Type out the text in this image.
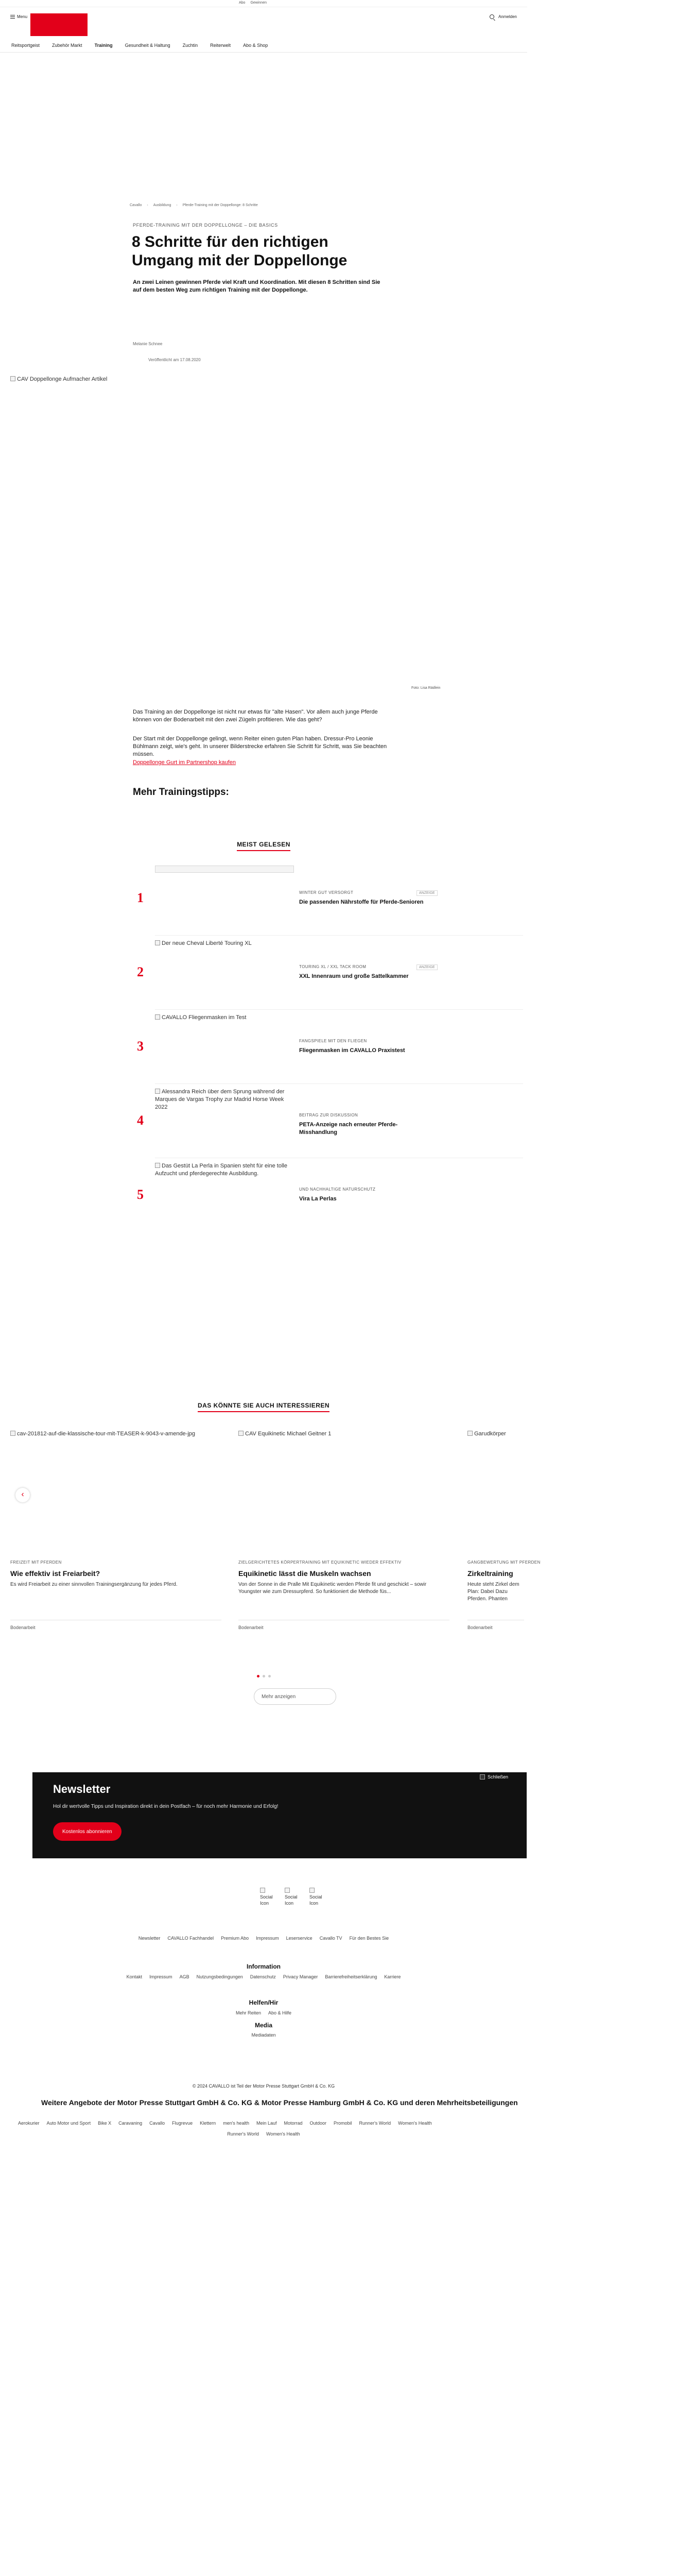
Abo Gewinnen
Menu	Anmelden
Reitsportgeist	Zubehör Markt	Training	Gesundheit & Haltung	Zuchtin	Reiterwelt	Abo & Shop
Cavallo › Ausbildung › Pferde-Training mit der Doppellonge: 8 Schritte
PFERDE-TRAINING MIT DER DOPPELLONGE – DIE BASICS
8 Schritte für den richtigen Umgang mit der Doppellonge

An zwei Leinen gewinnen Pferde viel Kraft und Koordination. Mit diesen 8 Schritten sind Sie auf dem besten Weg zum richtigen Training mit der Doppellonge.

Melanie Schnee
Veröffentlicht am 17.08.2020
CAV Doppellonge Aufmacher Artikel
Foto: Lisa Rädlein

Das Training an der Doppellonge ist nicht nur etwas für "alte Hasen". Vor allem auch junge Pferde können von der Bodenarbeit mit den zwei Zügeln profitieren. Wie das geht?

Der Start mit der Doppellonge gelingt, wenn Reiter einen guten Plan haben. Dressur-Pro Leonie Bühlmann zeigt, wie's geht. In unserer Bilderstrecke erfahren Sie Schritt für Schritt, was Sie beachten müssen.

Doppellonge Gurt im Partnershop kaufen
Mehr Trainingstipps:
MEIST GELESEN
1	WINTER GUT VERSORGT
Die passenden Nährstoffe für Pferde-Senioren
ANZEIGE
2
Der neue Cheval Liberté Touring XL
TOURING XL / XXL TACK ROOM
XXL Innenraum und große Sattelkammer
ANZEIGE
3
CAVALLO Fliegenmasken im Test
FANGSPIELE MIT DEN FLIEGEN
Fliegenmasken im CAVALLO Praxistest
4
Alessandra Reich über dem Sprung während der Marques de Vargas Trophy zur Madrid Horse Week 2022
BEITRAG ZUR DISKUSSION
PETA-Anzeige nach erneuter Pferde-Misshandlung
5
Das Gestüt La Perla in Spanien steht für eine tolle Aufzucht und pferdegerechte Ausbildung.
UND NACHHALTIGE NATURSCHUTZ
Vira La Perlas
DAS KÖNNTE SIE AUCH INTERESSIEREN
cav-201812-auf-die-klassische-tour-mit-TEASER-k-9043-v-amende-jpg
FREIZEIT MIT PFERDEN
Wie effektiv ist Freiarbeit?
Es wird Freiarbeit zu einer sinnvollen Trainingsergänzung für jedes Pferd.
Bodenarbeit
CAV Equikinetic Michael Geitner 1
ZIELGERICHTETES KÖRPERTRAINING MIT EQUIKINETIC WIEDER EFFEKTIV
Equikinetic lässt die Muskeln wachsen
Von der Sonne in die Pralle Mit Equikinetic werden Pferde fit und geschickt – sowir Youngster wie zum Dressurpferd. So funktioniert die Methode füs...
Bodenarbeit
Garudkörper
GANGBEWERTUNG MIT PFERDEN
Zirkeltraining
Heute steht Zirkel dem Plan: Dabei Dazu Pferden. Phanten
Bodenarbeit
‹
Mehr anzeigen
Newsletter
Hol dir wertvolle Tipps und Inspiration direkt in dein Postfach – für noch mehr Harmonie und Erfolg!
Kostenlos abonnieren
Schließen
Social Icon
Social Icon
Social Icon
Newsletter CAVALLO Fachhandel Premium Abo Impressum Leserservice Cavallo TV Für den Bestes Sie
Information
Kontakt Impressum AGB Nutzungsbedingungen Datenschutz Privacy Manager Barrierefreiheitserklärung Karriere
Helfen/Hir
Mehr Reiten Abo & Hilfe
Media
Mediadaten
© 2024 CAVALLO ist Teil der Motor Presse Stuttgart GmbH & Co. KG
Weitere Angebote der Motor Presse Stuttgart GmbH & Co. KG & Motor Presse Hamburg GmbH & Co. KG und deren Mehrheitsbeteiligungen
Aerokurier Auto Motor und Sport Bike X Caravaning Cavallo Flugrevue Klettern men's health Mein Lauf Motorrad Outdoor Promobil Runner's World Women's Health
Runner's World Women's Health
